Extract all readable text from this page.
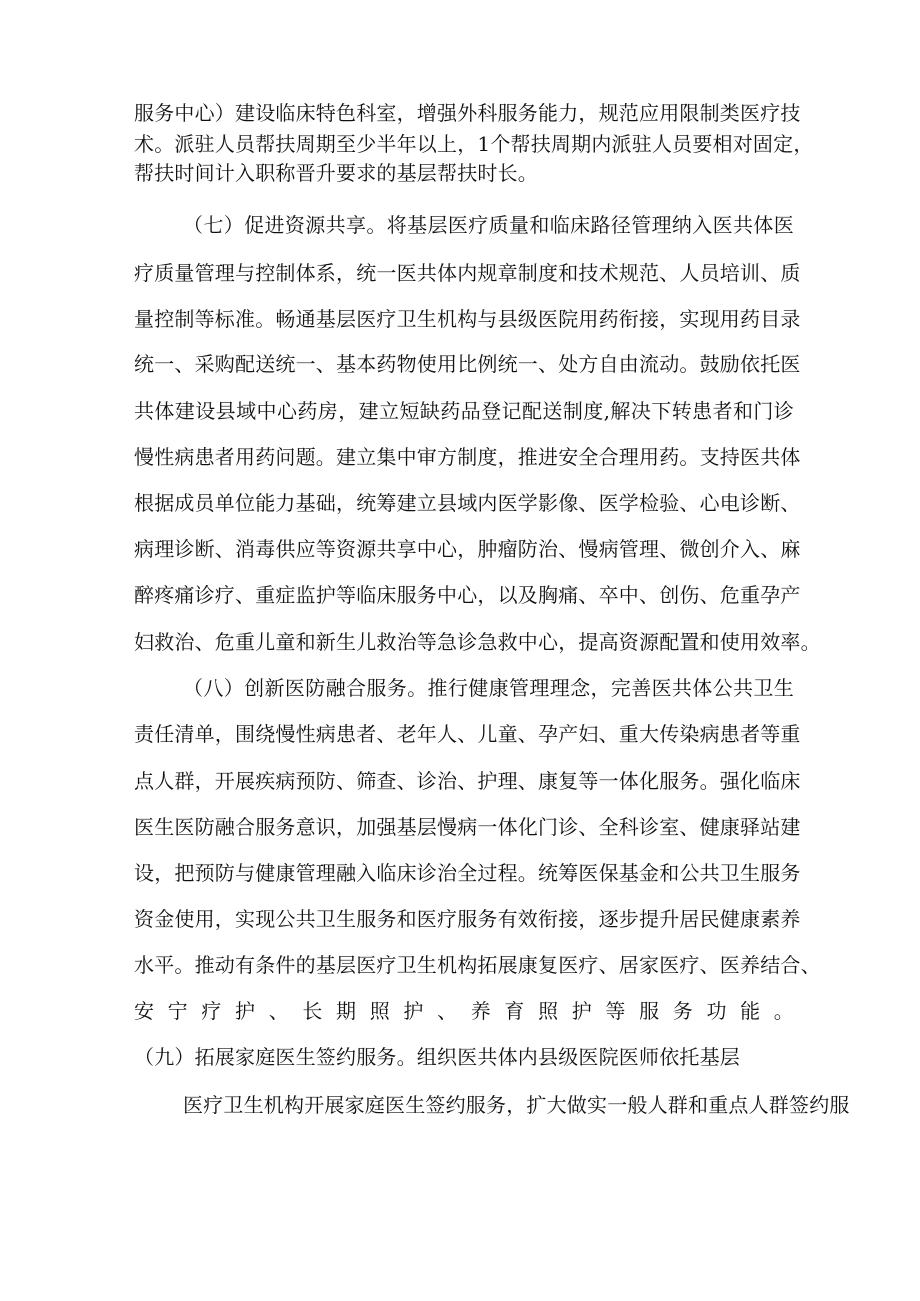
服务中心）建设临床特色科室，增强外科服务能力，规范应用限制类医疗技
术。派驻人员帮扶周期至少半年以上，1个帮扶周期内派驻人员要相对固定，
帮扶时间计入职称晋升要求的基层帮扶时长。
（七）促进资源共享。将基层医疗质量和临床路径管理纳入医共体医
疗质量管理与控制体系，统一医共体内规章制度和技术规范、人员培训、质
量控制等标准。畅通基层医疗卫生机构与县级医院用药衔接，实现用药目录
统一、采购配送统一、基本药物使用比例统一、处方自由流动。鼓励依托医
共体建设县域中心药房，建立短缺药品登记配送制度,解决下转患者和门诊
慢性病患者用药问题。建立集中审方制度，推进安全合理用药。支持医共体
根据成员单位能力基础，统筹建立县域内医学影像、医学检验、心电诊断、
病理诊断、消毒供应等资源共享中心，肿瘤防治、慢病管理、微创介入、麻
醉疼痛诊疗、重症监护等临床服务中心，以及胸痛、卒中、创伤、危重孕产
妇救治、危重儿童和新生儿救治等急诊急救中心，提高资源配置和使用效率。
（八）创新医防融合服务。推行健康管理理念，完善医共体公共卫生
责任清单，围绕慢性病患者、老年人、儿童、孕产妇、重大传染病患者等重
点人群，开展疾病预防、筛查、诊治、护理、康复等一体化服务。强化临床
医生医防融合服务意识，加强基层慢病一体化门诊、全科诊室、健康驿站建
设，把预防与健康管理融入临床诊治全过程。统筹医保基金和公共卫生服务
资金使用，实现公共卫生服务和医疗服务有效衔接，逐步提升居民健康素养
水平。推动有条件的基层医疗卫生机构拓展康复医疗、居家医疗、医养结合、
安宁疗护、长期照护、养育照护等服务功能。
（九）拓展家庭医生签约服务。组织医共体内县级医院医师依托基层
医疗卫生机构开展家庭医生签约服务，扩大做实一般人群和重点人群签约服
